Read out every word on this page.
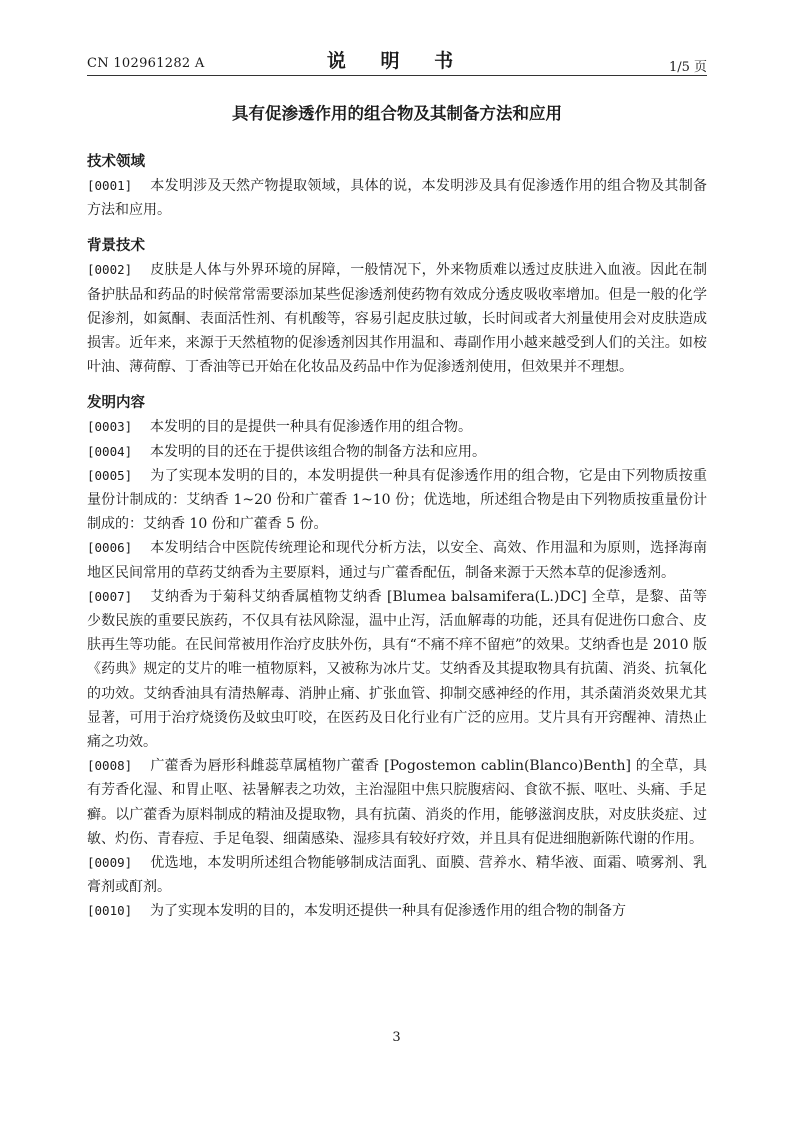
CN 102961282 A	说 明 书	1/5 页
具有促渗透作用的组合物及其制备方法和应用

技术领域

[0001] 本发明涉及天然产物提取领域，具体的说，本发明涉及具有促渗透作用的组合物及其制备方法和应用。

背景技术

[0002] 皮肤是人体与外界环境的屏障，一般情况下，外来物质难以透过皮肤进入血液。因此在制备护肤品和药品的时候常常需要添加某些促渗透剂使药物有效成分透皮吸收率增加。但是一般的化学促渗剂，如氮酮、表面活性剂、有机酸等，容易引起皮肤过敏，长时间或者大剂量使用会对皮肤造成损害。近年来，来源于天然植物的促渗透剂因其作用温和、毒副作用小越来越受到人们的关注。如桉叶油、薄荷醇、丁香油等已开始在化妆品及药品中作为促渗透剂使用，但效果并不理想。

发明内容

[0003] 本发明的目的是提供一种具有促渗透作用的组合物。

[0004] 本发明的目的还在于提供该组合物的制备方法和应用。

[0005] 为了实现本发明的目的，本发明提供一种具有促渗透作用的组合物，它是由下列物质按重量份计制成的：艾纳香 1~20 份和广藿香 1~10 份；优选地，所述组合物是由下列物质按重量份计制成的：艾纳香 10 份和广藿香 5 份。

[0006] 本发明结合中医院传统理论和现代分析方法，以安全、高效、作用温和为原则，选择海南地区民间常用的草药艾纳香为主要原料，通过与广藿香配伍，制备来源于天然本草的促渗透剂。

[0007] 艾纳香为于菊科艾纳香属植物艾纳香 [Blumea balsamifera(L.)DC] 全草，是黎、苗等少数民族的重要民族药，不仅具有祛风除湿，温中止泻，活血解毒的功能，还具有促进伤口愈合、皮肤再生等功能。在民间常被用作治疗皮肤外伤，具有“不痛不痒不留疤”的效果。艾纳香也是 2010 版《药典》规定的艾片的唯一植物原料，又被称为冰片艾。艾纳香及其提取物具有抗菌、消炎、抗氧化的功效。艾纳香油具有清热解毒、消肿止痛、扩张血管、抑制交感神经的作用，其杀菌消炎效果尤其显著，可用于治疗烧烫伤及蚊虫叮咬，在医药及日化行业有广泛的应用。艾片具有开窍醒神、清热止痛之功效。

[0008] 广藿香为唇形科雌蕊草属植物广藿香 [Pogostemon cablin(Blanco)Benth] 的全草，具有芳香化湿、和胃止呕、祛暑解表之功效，主治湿阻中焦只脘腹痞闷、食欲不振、呕吐、头痛、手足癣。以广藿香为原料制成的精油及提取物，具有抗菌、消炎的作用，能够滋润皮肤，对皮肤炎症、过敏、灼伤、青春痘、手足龟裂、细菌感染、湿疹具有较好疗效，并且具有促进细胞新陈代谢的作用。

[0009] 优选地，本发明所述组合物能够制成洁面乳、面膜、营养水、精华液、面霜、喷雾剂、乳膏剂或酊剂。

[0010] 为了实现本发明的目的，本发明还提供一种具有促渗透作用的组合物的制备方

3
